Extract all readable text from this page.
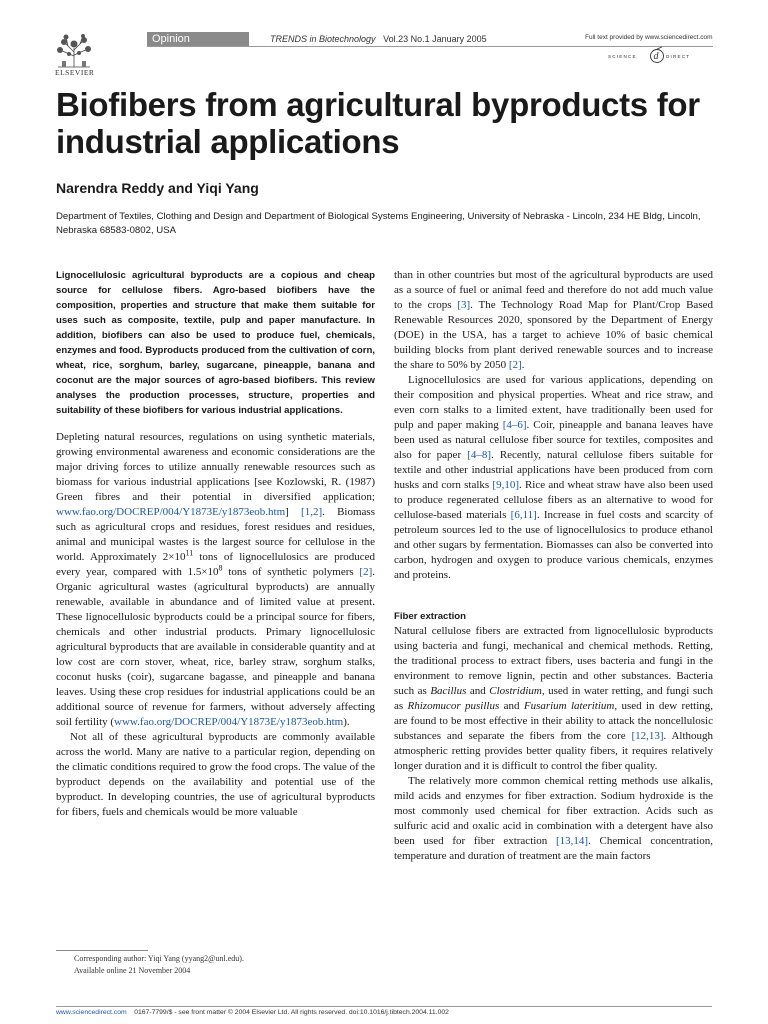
ELSEVIER
Opinion	TRENDS in Biotechnology Vol.23 No.1 January 2005	Full text provided by www.sciencedirect.com
SCIENCE	DIRECT
d
Biofibers from agricultural byproducts for industrial applications
Narendra Reddy and Yiqi Yang
Department of Textiles, Clothing and Design and Department of Biological Systems Engineering, University of Nebraska - Lincoln, 234 HE Bldg, Lincoln, Nebraska 68583-0802, USA

Lignocellulosic agricultural byproducts are a copious and cheap source for cellulose fibers. Agro-based biofibers have the composition, properties and structure that make them suitable for uses such as composite, textile, pulp and paper manufacture. In addition, biofibers can also be used to produce fuel, chemicals, enzymes and food. Byproducts produced from the cultivation of corn, wheat, rice, sorghum, barley, sugarcane, pineapple, banana and coconut are the major sources of agro-based biofibers. This review analyses the production processes, structure, properties and suitability of these biofibers for various industrial applications.

Depleting natural resources, regulations on using synthetic materials, growing environmental awareness and economic considerations are the major driving forces to utilize annually renewable resources such as biomass for various industrial applications [see Kozlowski, R. (1987) Green fibres and their potential in diversified application; www.fao.org/DOCREP/004/Y1873E/y1873eob.htm] [1,2]. Biomass such as agricultural crops and residues, forest residues and residues, animal and municipal wastes is the largest source for cellulose in the world. Approximately $2\times 10^{11}$ tons of lignocellulosics are produced every year, compared with $1.5\times 10^8$ tons of synthetic polymers [2]. Organic agricultural wastes (agricultural byproducts) are annually renewable, available in abundance and of limited value at present. These lignocellulosic byproducts could be a principal source for fibers, chemicals and other industrial products. Primary lignocellulosic agricultural byproducts that are available in considerable quantity and at low cost are corn stover, wheat, rice, barley straw, sorghum stalks, coconut husks (coir), sugarcane bagasse, and pineapple and banana leaves. Using these crop residues for industrial applications could be an additional source of revenue for farmers, without adversely affecting soil fertility (www.fao.org/DOCREP/004/Y1873E/y1873eob.htm).

Not all of these agricultural byproducts are commonly available across the world. Many are native to a particular region, depending on the climatic conditions required to grow the food crops. The value of the byproduct depends on the availability and potential use of the byproduct. In developing countries, the use of agricultural byproducts for fibers, fuels and chemicals would be more valuable

than in other countries but most of the agricultural byproducts are used as a source of fuel or animal feed and therefore do not add much value to the crops [3]. The Technology Road Map for Plant/Crop Based Renewable Resources 2020, sponsored by the Department of Energy (DOE) in the USA, has a target to achieve 10% of basic chemical building blocks from plant derived renewable sources and to increase the share to 50% by 2050 [2].

Lignocellulosics are used for various applications, depending on their composition and physical properties. Wheat and rice straw, and even corn stalks to a limited extent, have traditionally been used for pulp and paper making [4–6]. Coir, pineapple and banana leaves have been used as natural cellulose fiber source for textiles, composites and also for paper [4–8]. Recently, natural cellulose fibers suitable for textile and other industrial applications have been produced from corn husks and corn stalks [9,10]. Rice and wheat straw have also been used to produce regenerated cellulose fibers as an alternative to wood for cellulose-based materials [6,11]. Increase in fuel costs and scarcity of petroleum sources led to the use of lignocellulosics to produce ethanol and other sugars by fermentation. Biomasses can also be converted into carbon, hydrogen and oxygen to produce various chemicals, enzymes and proteins.

Fiber extraction

Natural cellulose fibers are extracted from lignocellulosic byproducts using bacteria and fungi, mechanical and chemical methods. Retting, the traditional process to extract fibers, uses bacteria and fungi in the environment to remove lignin, pectin and other substances. Bacteria such as Bacillus and Clostridium, used in water retting, and fungi such as Rhizomucor pusillus and Fusarium lateritium, used in dew retting, are found to be most effective in their ability to attack the noncellulosic substances and separate the fibers from the core [12,13]. Although atmospheric retting provides better quality fibers, it requires relatively longer duration and it is difficult to control the fiber quality.

The relatively more common chemical retting methods use alkalis, mild acids and enzymes for fiber extraction. Sodium hydroxide is the most commonly used chemical for fiber extraction. Acids such as sulfuric acid and oxalic acid in combination with a detergent have also been used for fiber extraction [13,14]. Chemical concentration, temperature and duration of treatment are the main factors

Corresponding author: Yiqi Yang (yyang2@unl.edu).
Available online 21 November 2004
www.sciencedirect.com 0167-7799/$ - see front matter © 2004 Elsevier Ltd. All rights reserved. doi:10.1016/j.tibtech.2004.11.002
